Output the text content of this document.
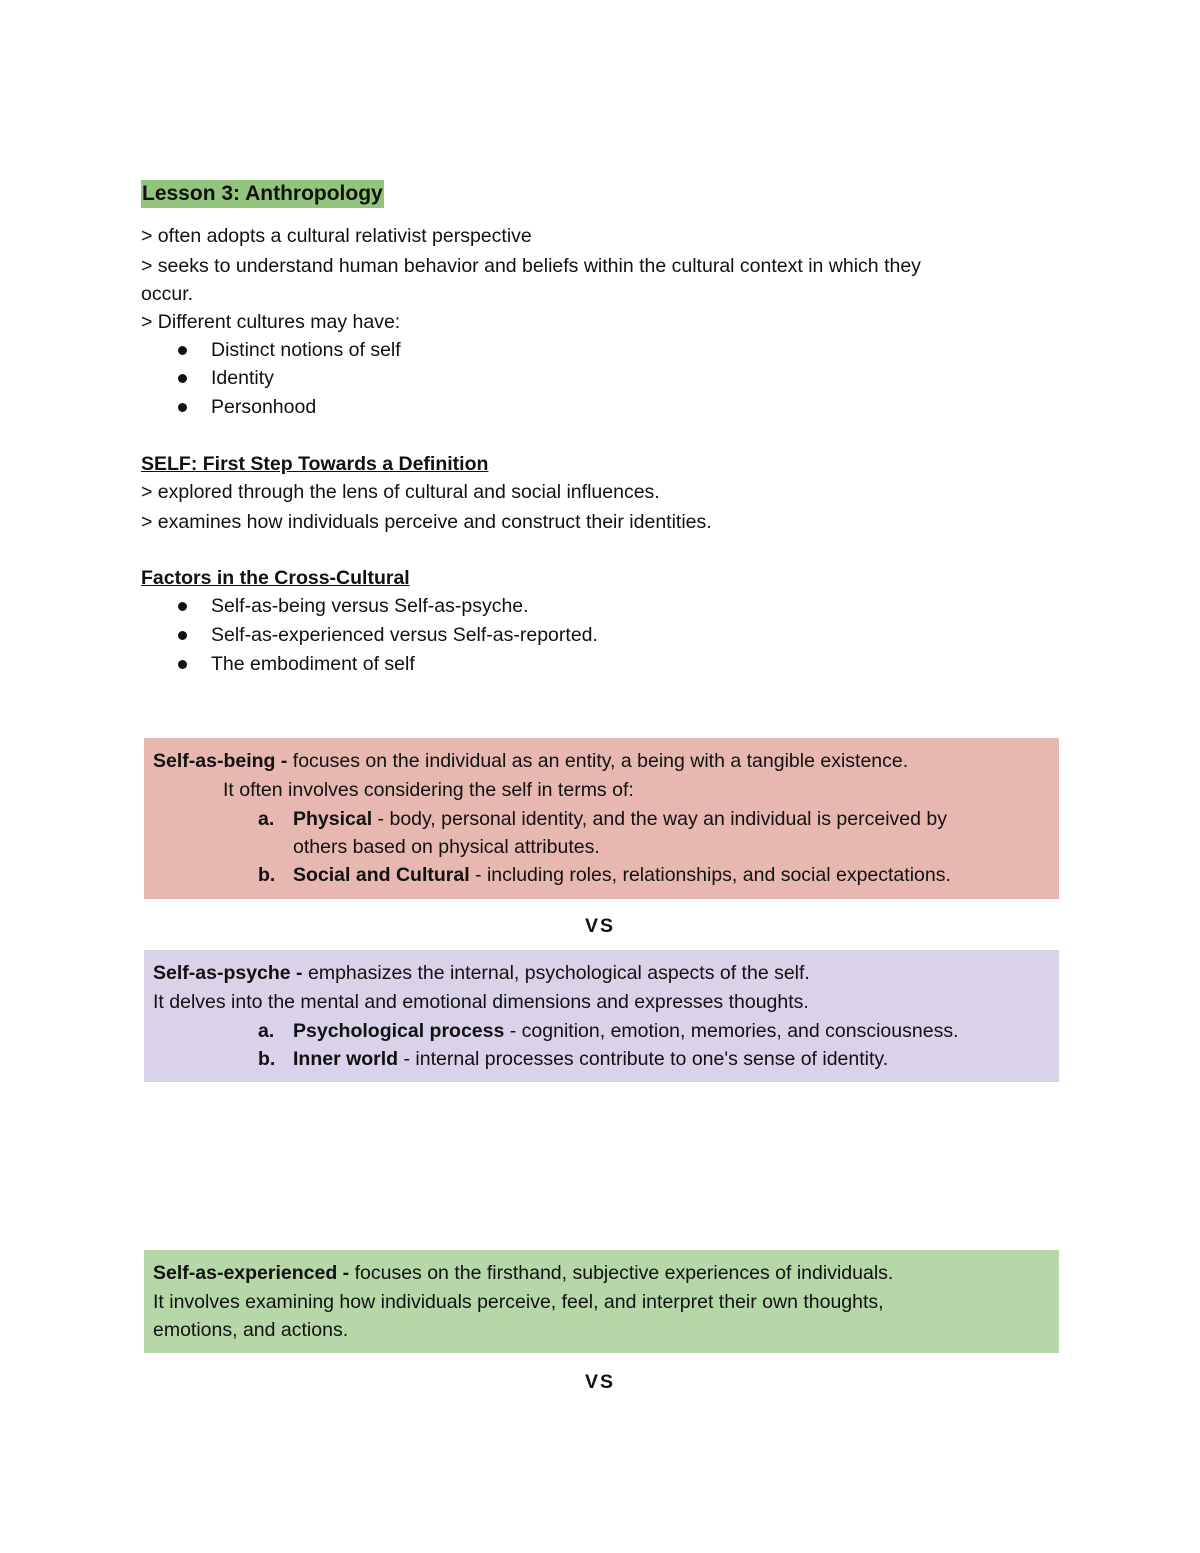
Lesson 3: Anthropology
> often adopts a cultural relativist perspective
> seeks to understand human behavior and beliefs within the cultural context in which they
occur.
> Different cultures may have:
Distinct notions of self
Identity
Personhood
SELF: First Step Towards a Definition
> explored through the lens of cultural and social influences.
> examines how individuals perceive and construct their identities.
Factors in the Cross-Cultural
Self-as-being versus Self-as-psyche.
Self-as-experienced versus Self-as-reported.
The embodiment of self
Self-as-being - focuses on the individual as an entity, a being with a tangible existence.
It often involves considering the self in terms of:
a. Physical - body, personal identity, and the way an individual is perceived by
others based on physical attributes.
b. Social and Cultural - including roles, relationships, and social expectations.
VS
Self-as-psyche - emphasizes the internal, psychological aspects of the self.
It delves into the mental and emotional dimensions and expresses thoughts.
a. Psychological process - cognition, emotion, memories, and consciousness.
b. Inner world - internal processes contribute to one's sense of identity.
Self-as-experienced - focuses on the firsthand, subjective experiences of individuals.
It involves examining how individuals perceive, feel, and interpret their own thoughts,
emotions, and actions.
VS
